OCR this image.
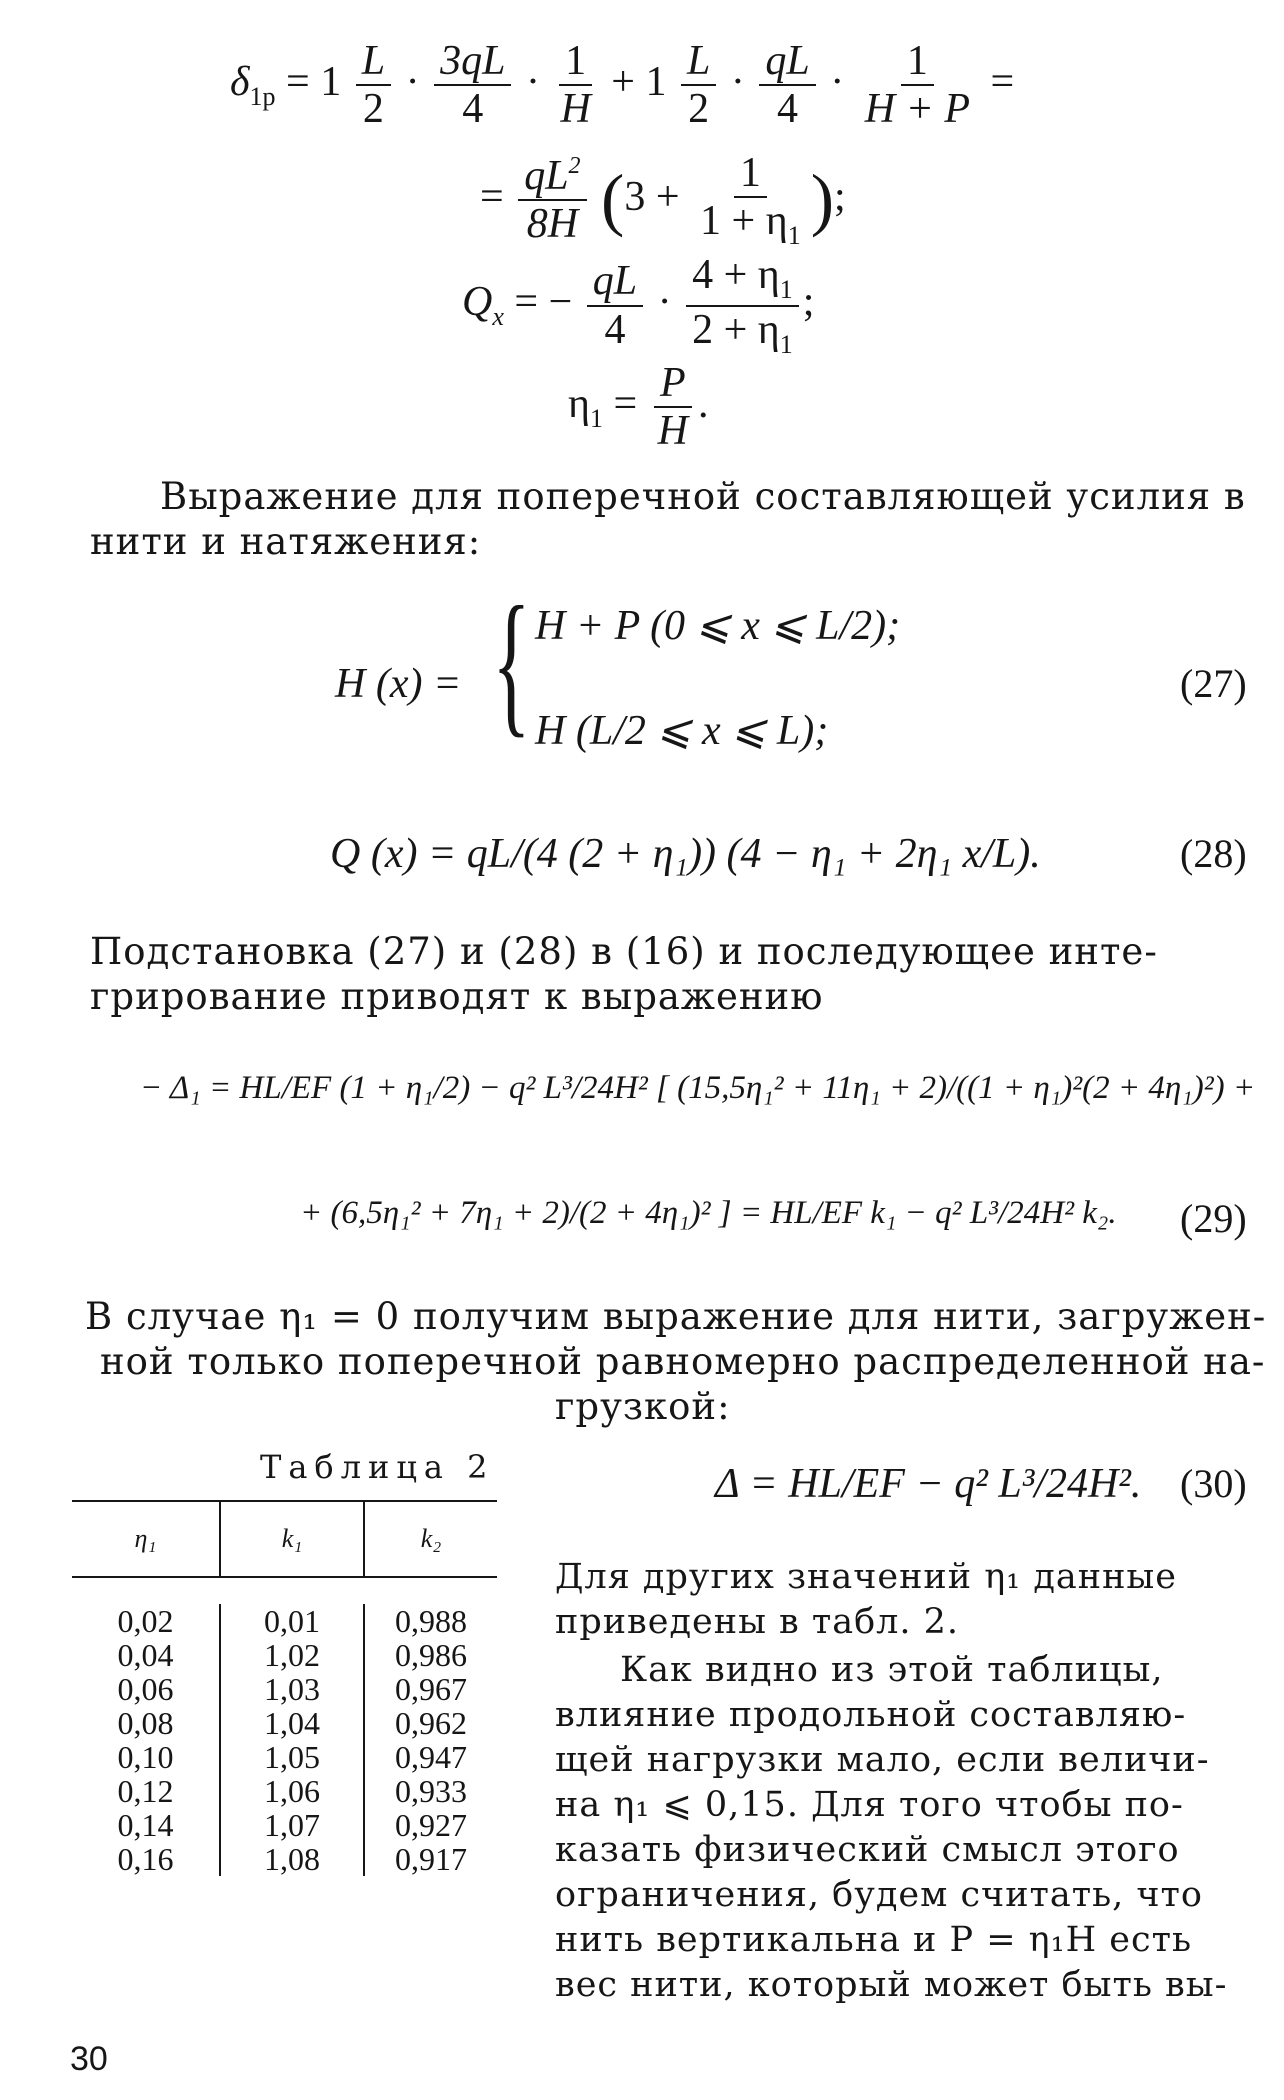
$\delta_{1p} = 1 \frac{L}{2} \cdot \frac{3qL}{4} \cdot \frac{1}{H} + 1 \frac{L}{2} \cdot \frac{qL}{4} \cdot \frac{1}{H + P}$ =
= $\frac{qL^2}{8H} (3 + \frac{1}{1 + \eta_1}$ );
$Q_x$ = − $\frac{qL}{4} \cdot \frac{4 + \eta_1}{2 + \eta_1}$ ;
$\eta_1 = \frac{P}{H}$ .
Выражение для поперечной составляющей усилия в
нити и натяжения:
H (x) = { H + P (0 ⩽ x ⩽ L/2);
H (L/2 ⩽ x ⩽ L);
(27)
Q (x) = qL/(4 (2 + η₁)) (4 − η₁ + 2η₁ x/L).	(28)
Подстановка (27) и (28) в (16) и последующее инте-
грирование приводят к выражению
− Δ₁ = HL/EF (1 + η₁/2) − q² L³/24H² [ (15,5η₁² + 11η₁ + 2)/((1 + η₁)²(2 + 4η₁)²) +
+ (6,5η₁² + 7η₁ + 2)/(2 + 4η₁)² ] = HL/EF k₁ − q² L³/24H² k₂. (29)
В случае η₁ = 0 получим выражение для нити, загружен-
ной только поперечной равномерно распределенной на-
грузкой:
Таблица 2
η₁	k₁	k₂

0,02	0,01	0,988
0,04	1,02	0,986
0,06	1,03	0,967
0,08	1,04	0,962
0,10	1,05	0,947
0,12	1,06	0,933
0,14	1,07	0,927
0,16	1,08	0,917

Δ = HL/EF − q² L³/24H². (30)
Для других значений η₁ данные
приведены в табл. 2.
Как видно из этой таблицы,
влияние продольной составляю-
щей нагрузки мало, если величи-
на η₁ ⩽ 0,15. Для того чтобы по-
казать физический смысл этого
ограничения, будем считать, что
нить вертикальна и P = η₁H есть
вес нити, который может быть вы-
30
